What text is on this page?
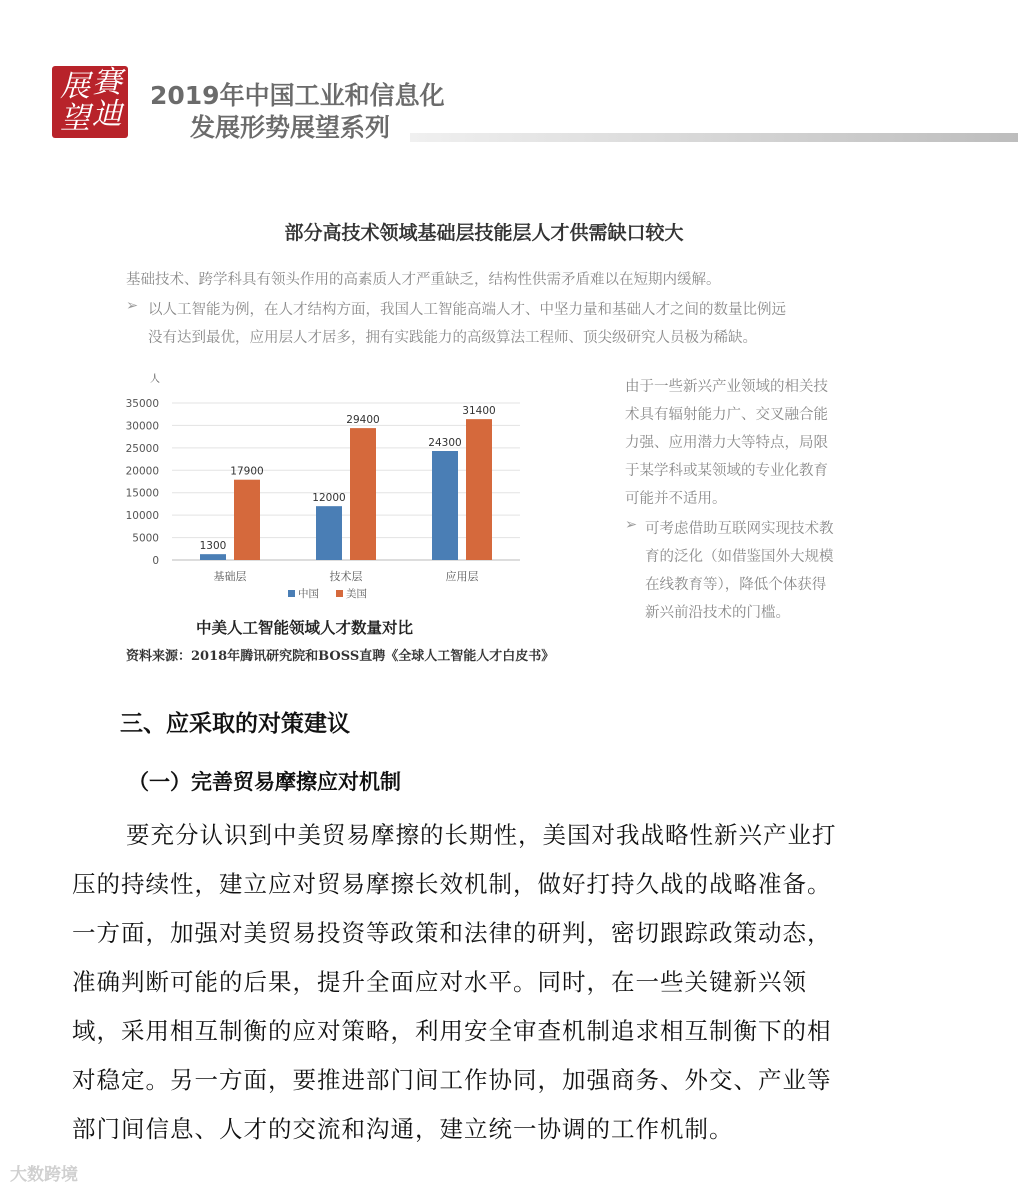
展 賽
望 迪
2019年中国工业和信息化
发展形势展望系列
部分高技术领域基础层技能层人才供需缺口较大
基础技术、跨学科具有领头作用的高素质人才严重缺乏，结构性供需矛盾难以在短期内缓解。
➢ 以人工智能为例，在人才结构方面，我国人工智能高端人才、中坚力量和基础人才之间的数量比例远
没有达到最优，应用层人才居多，拥有实践能力的高级算法工程师、顶尖级研究人员极为稀缺。
由于一些新兴产业领域的相关技
术具有辐射能力广、交叉融合能
力强、应用潜力大等特点，局限
于某学科或某领域的专业化教育
可能并不适用。
➢ 可考虑借助互联网实现技术教
育的泛化（如借鉴国外大规模
在线教育等），降低个体获得
新兴前沿技术的门槛。
人
0
5000
10000
15000
20000
25000
30000
35000
1300
17900
基础层
12000
29400
技术层
24300
31400
应用层
中国	美国
中美人工智能领域人才数量对比
资料来源：2018年腾讯研究院和BOSS直聘《全球人工智能人才白皮书》
三、应采取的对策建议
（一）完善贸易摩擦应对机制
要充分认识到中美贸易摩擦的长期性，美国对我战略性新兴产业打
压的持续性，建立应对贸易摩擦长效机制，做好打持久战的战略准备。
一方面，加强对美贸易投资等政策和法律的研判，密切跟踪政策动态，
准确判断可能的后果，提升全面应对水平。同时，在一些关键新兴领
域，采用相互制衡的应对策略，利用安全审查机制追求相互制衡下的相
对稳定。另一方面，要推进部门间工作协同，加强商务、外交、产业等
部门间信息、人才的交流和沟通，建立统一协调的工作机制。
大数跨境
